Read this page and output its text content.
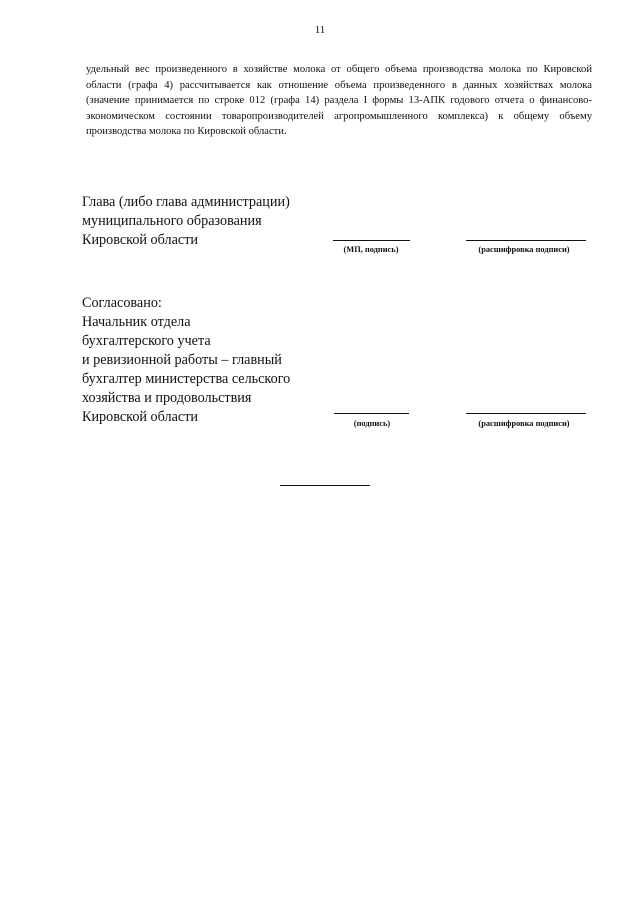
11
удельный вес произведенного в хозяйстве молока от общего объема производства молока по Кировской области (графа 4) рассчитывается как отношение объема произведенного в данных хозяйствах молока (значение принимается по строке 012 (графа 14) раздела I формы 13-АПК годового отчета о финансово-экономическом состоянии товаропроизводителей агропромышленного комплекса) к общему объему производства молока по Кировской области.
Глава (либо глава администрации)
муниципального образования
Кировской области
(МП, подпись)	(расшифровка подписи)
Согласовано:
Начальник отдела
бухгалтерского учета
и ревизионной работы – главный
бухгалтер министерства сельского
хозяйства и продовольствия
Кировской области	(подпись)	(расшифровка подписи)
